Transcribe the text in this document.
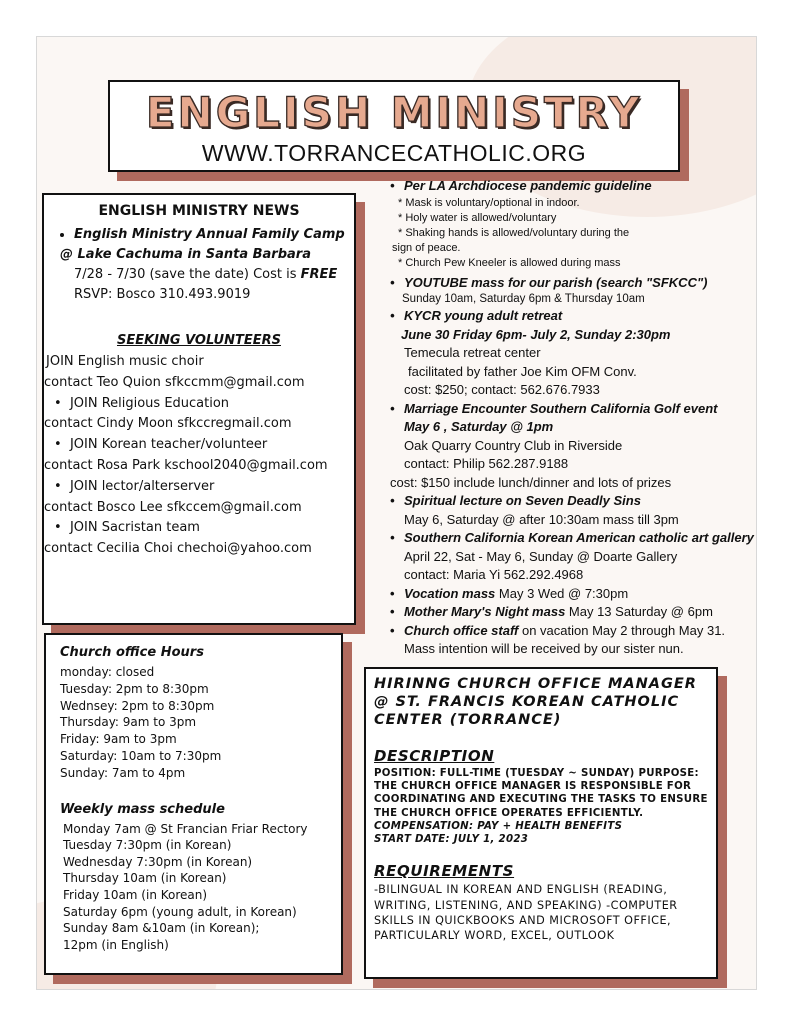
ENGLISH MINISTRY
WWW.TORRANCECATHOLIC.ORG
ENGLISH MINISTRY NEWS
• English Ministry Annual Family Camp
@ Lake Cachuma in Santa Barbara
7/28 - 7/30 (save the date) Cost is FREE
RSVP: Bosco 310.493.9019
SEEKING VOLUNTEERS
JOIN English music choir
contact Teo Quion sfkccmm@gmail.com
•  JOIN Religious Education
contact Cindy Moon sfkccregmail.com
•  JOIN Korean teacher/volunteer
contact Rosa Park kschool2040@gmail.com
•  JOIN lector/alterserver
contact Bosco Lee sfkccem@gmail.com
•  JOIN Sacristan team
contact Cecilia Choi chechoi@yahoo.com
Church office Hours
monday: closed
Tuesday: 2pm to 8:30pm
Wednsey: 2pm to 8:30pm
Thursday: 9am to 3pm
Friday: 9am to 3pm
Saturday: 10am to 7:30pm
Sunday: 7am to 4pm
Weekly mass schedule
Monday 7am @ St Francian Friar Rectory
Tuesday 7:30pm (in Korean)
Wednesday 7:30pm (in Korean)
Thursday 10am (in Korean)
Friday 10am (in Korean)
Saturday 6pm (young adult, in Korean)
Sunday 8am &10am (in Korean);
12pm (in English)
• Per LA Archdiocese pandemic guideline
* Mask is voluntary/optional in indoor.
* Holy water is allowed/voluntary
* Shaking hands is allowed/voluntary during the
sign of peace.
* Church Pew Kneeler is allowed during mass
• YOUTUBE mass for our parish (search "SFKCC")
Sunday 10am, Saturday 6pm & Thursday 10am
• KYCR young adult retreat
June 30 Friday 6pm- July 2, Sunday 2:30pm
Temecula retreat center
facilitated by father Joe Kim OFM Conv.
cost: $250; contact: 562.676.7933
• Marriage Encounter Southern California Golf event
May 6 , Saturday @ 1pm
Oak Quarry Country Club in Riverside
contact: Philip 562.287.9188
cost: $150 include lunch/dinner and lots of prizes
• Spiritual lecture on Seven Deadly Sins
May 6, Saturday @ after 10:30am mass till 3pm
• Southern California Korean American catholic art gallery
April 22, Sat - May 6, Sunday @ Doarte Gallery
contact: Maria Yi 562.292.4968
• Vocation mass May 3 Wed @ 7:30pm
• Mother Mary's Night mass May 13 Saturday @ 6pm
• Church office staff on vacation May 2 through May 31.
Mass intention will be received by our sister nun.
HIRINNG CHURCH OFFICE MANAGER @ ST. FRANCIS KOREAN CATHOLIC CENTER (TORRANCE)
DESCRIPTION
POSITION: FULL-TIME (TUESDAY ~ SUNDAY) PURPOSE: THE CHURCH OFFICE MANAGER IS RESPONSIBLE FOR COORDINATING AND EXECUTING THE TASKS TO ENSURE THE CHURCH OFFICE OPERATES EFFICIENTLY.
COMPENSATION: PAY + HEALTH BENEFITS
START DATE: JULY 1, 2023
REQUIREMENTS
-BILINGUAL IN KOREAN AND ENGLISH (READING, WRITING, LISTENING, AND SPEAKING) -COMPUTER SKILLS IN QUICKBOOKS AND MICROSOFT OFFICE, PARTICULARLY WORD, EXCEL, OUTLOOK
